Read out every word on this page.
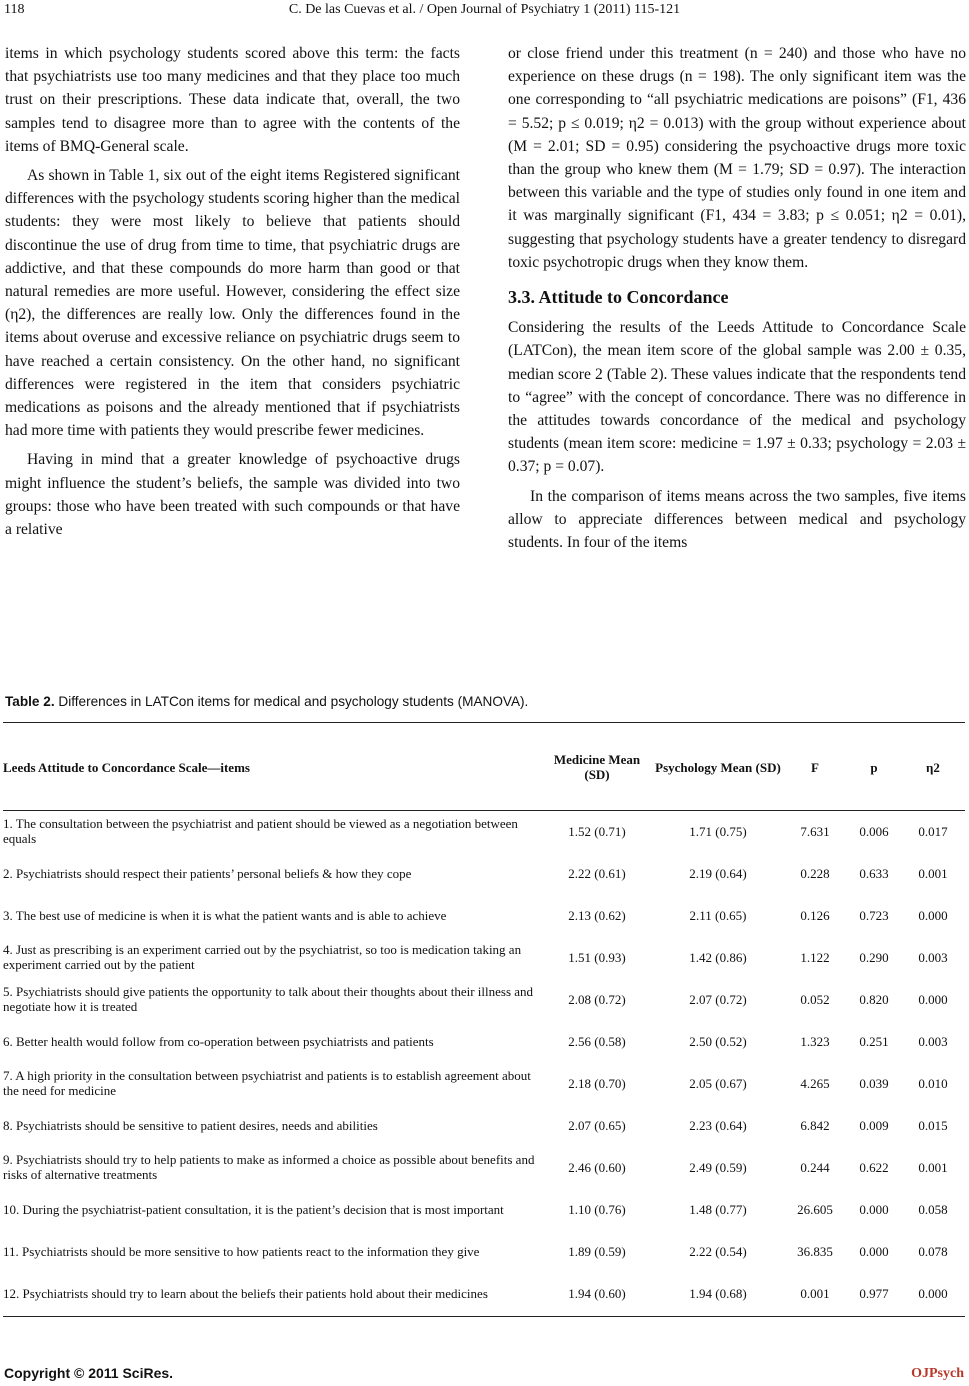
118	C. De las Cuevas et al. / Open Journal of Psychiatry 1 (2011) 115-121

items in which psychology students scored above this term: the facts that psychiatrists use too many medicines and that they place too much trust on their prescriptions. These data indicate that, overall, the two samples tend to disagree more than to agree with the contents of the items of BMQ-General scale.

As shown in Table 1, six out of the eight items Registered significant differences with the psychology students scoring higher than the medical students: they were most likely to believe that patients should discontinue the use of drug from time to time, that psychiatric drugs are addictive, and that these compounds do more harm than good or that natural remedies are more useful. However, considering the effect size (η2), the differences are really low. Only the differences found in the items about overuse and excessive reliance on psychiatric drugs seem to have reached a certain consistency. On the other hand, no significant differences were registered in the item that considers psychiatric medications as poisons and the already mentioned that if psychiatrists had more time with patients they would prescribe fewer medicines.

Having in mind that a greater knowledge of psychoactive drugs might influence the student’s beliefs, the sample was divided into two groups: those who have been treated with such compounds or that have a relative

or close friend under this treatment (n = 240) and those who have no experience on these drugs (n = 198). The only significant item was the one corresponding to “all psychiatric medications are poisons” (F1, 436 = 5.52; p ≤ 0.019; η2 = 0.013) with the group without experience about (M = 2.01; SD = 0.95) considering the psychoactive drugs more toxic than the group who knew them (M = 1.79; SD = 0.97). The interaction between this variable and the type of studies only found in one item and it was marginally significant (F1, 434 = 3.83; p ≤ 0.051; η2 = 0.01), suggesting that psychology students have a greater tendency to disregard toxic psychotropic drugs when they know them.

3.3. Attitude to Concordance

Considering the results of the Leeds Attitude to Concordance Scale (LATCon), the mean item score of the global sample was 2.00 ± 0.35, median score 2 (Table 2). These values indicate that the respondents tend to “agree” with the concept of concordance. There was no difference in the attitudes towards concordance of the medical and psychology students (mean item score: medicine = 1.97 ± 0.33; psychology = 2.03 ± 0.37; p = 0.07).

In the comparison of items means across the two samples, five items allow to appreciate differences between medical and psychology students. In four of the items

Table 2. Differences in LATCon items for medical and psychology students (MANOVA).
Leeds Attitude to Concordance Scale—items	Medicine Mean (SD)	Psychology Mean (SD)	F	p	η2
1. The consultation between the psychiatrist and patient should be viewed as a negotiation between equals	1.52 (0.71)	1.71 (0.75)	7.631	0.006	0.017
2. Psychiatrists should respect their patients’ personal beliefs & how they cope	2.22 (0.61)	2.19 (0.64)	0.228	0.633	0.001
3. The best use of medicine is when it is what the patient wants and is able to achieve	2.13 (0.62)	2.11 (0.65)	0.126	0.723	0.000
4. Just as prescribing is an experiment carried out by the psychiatrist, so too is medication taking an experiment carried out by the patient	1.51 (0.93)	1.42 (0.86)	1.122	0.290	0.003
5. Psychiatrists should give patients the opportunity to talk about their thoughts about their illness and negotiate how it is treated	2.08 (0.72)	2.07 (0.72)	0.052	0.820	0.000
6. Better health would follow from co-operation between psychiatrists and patients	2.56 (0.58)	2.50 (0.52)	1.323	0.251	0.003
7. A high priority in the consultation between psychiatrist and patients is to establish agreement about the need for medicine	2.18 (0.70)	2.05 (0.67)	4.265	0.039	0.010
8. Psychiatrists should be sensitive to patient desires, needs and abilities	2.07 (0.65)	2.23 (0.64)	6.842	0.009	0.015
9. Psychiatrists should try to help patients to make as informed a choice as possible about benefits and risks of alternative treatments	2.46 (0.60)	2.49 (0.59)	0.244	0.622	0.001
10. During the psychiatrist-patient consultation, it is the patient’s decision that is most important	1.10 (0.76)	1.48 (0.77)	26.605	0.000	0.058
11. Psychiatrists should be more sensitive to how patients react to the information they give	1.89 (0.59)	2.22 (0.54)	36.835	0.000	0.078
12. Psychiatrists should try to learn about the beliefs their patients hold about their medicines	1.94 (0.60)	1.94 (0.68)	0.001	0.977	0.000
Copyright © 2011 SciRes.	OJPsych
